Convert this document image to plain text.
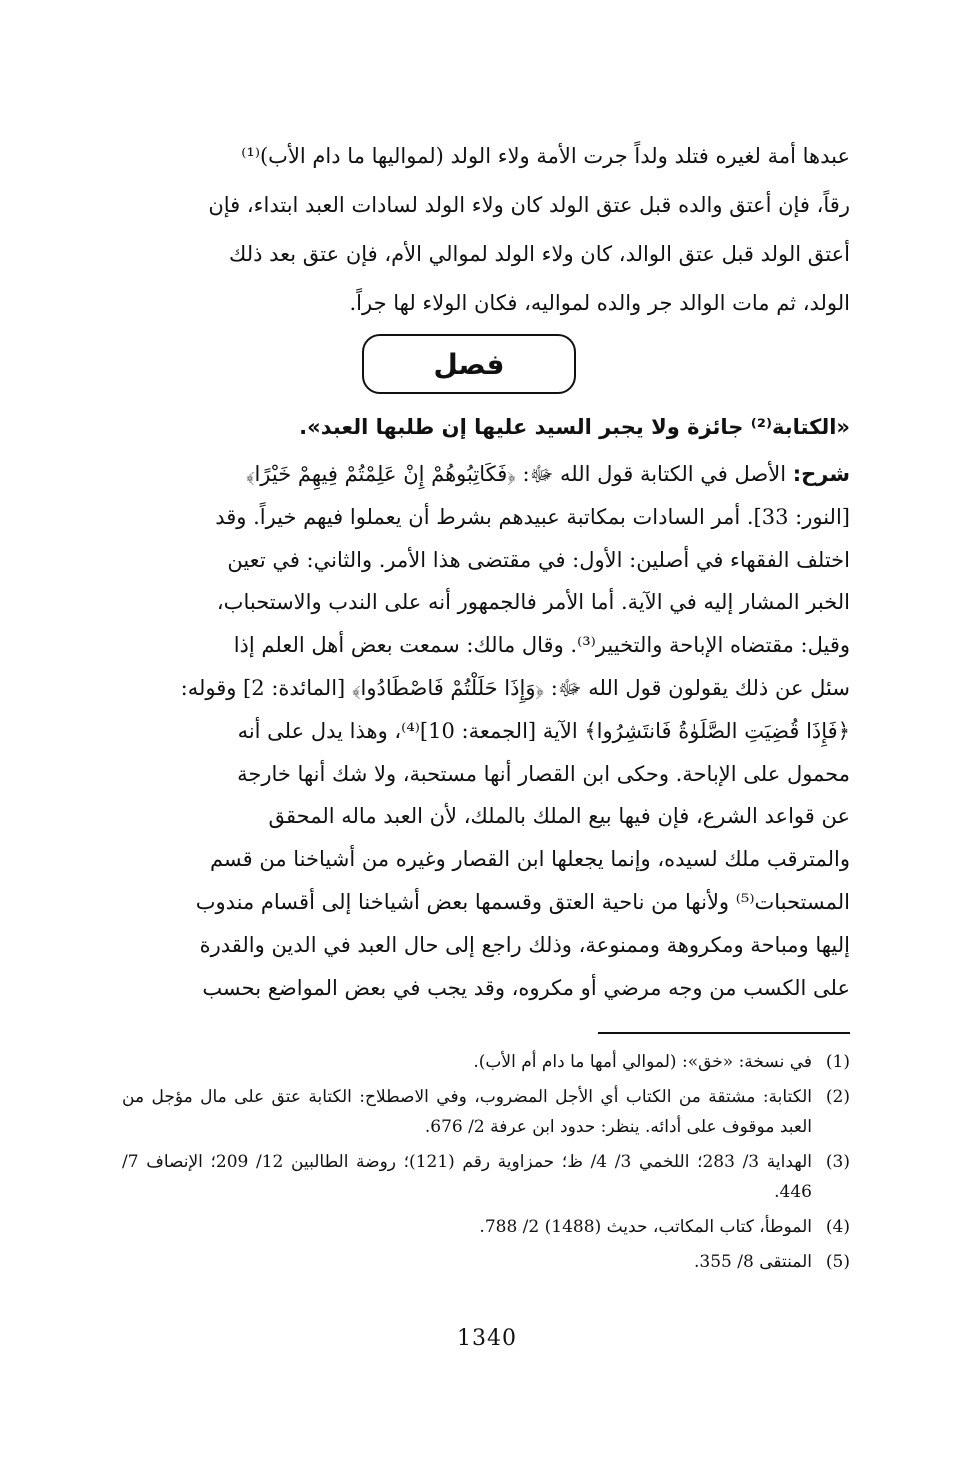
عبدها أمة لغيره فتلد ولداً جرت الأمة ولاء الولد (لمواليها ما دام الأب)⁽¹⁾
رقاً، فإن أعتق والده قبل عتق الولد كان ولاء الولد لسادات العبد ابتداء، فإن
أعتق الولد قبل عتق الوالد، كان ولاء الولد لموالي الأم، فإن عتق بعد ذلك
الولد، ثم مات الوالد جر والده لمواليه، فكان الولاء لها جراً.
فصل
«الكتابة⁽²⁾ جائزة ولا يجبر السيد عليها إن طلبها العبد».
شرح: الأصل في الكتابة قول الله ﷻ: ﴿فَكَاتِبُوهُمْ إِنْ عَلِمْتُمْ فِيهِمْ خَيْرًا﴾
[النور: 33]. أمر السادات بمكاتبة عبيدهم بشرط أن يعملوا فيهم خيراً. وقد
اختلف الفقهاء في أصلين: الأول: في مقتضى هذا الأمر. والثاني: في تعين
الخبر المشار إليه في الآية. أما الأمر فالجمهور أنه على الندب والاستحباب،
وقيل: مقتضاه الإباحة والتخيير⁽³⁾. وقال مالك: سمعت بعض أهل العلم إذا
سئل عن ذلك يقولون قول الله ﷻ: ﴿وَإِذَا حَلَلْتُمْ فَاصْطَادُوا﴾ [المائدة: 2] وقوله:
﴿فَإِذَا قُضِيَتِ الصَّلَوٰةُ فَانتَشِرُوا﴾ الآية [الجمعة: 10]⁽⁴⁾، وهذا يدل على أنه
محمول على الإباحة. وحكى ابن القصار أنها مستحبة، ولا شك أنها خارجة
عن قواعد الشرع، فإن فيها بيع الملك بالملك، لأن العبد ماله المحقق
والمترقب ملك لسيده، وإنما يجعلها ابن القصار وغيره من أشياخنا من قسم
المستحبات⁽⁵⁾ ولأنها من ناحية العتق وقسمها بعض أشياخنا إلى أقسام مندوب
إليها ومباحة ومكروهة وممنوعة، وذلك راجع إلى حال العبد في الدين والقدرة
على الكسب من وجه مرضي أو مكروه، وقد يجب في بعض المواضع بحسب
(1)
في نسخة: «خق»: (لموالي أمها ما دام أم الأب).
(2)
الكتابة: مشتقة من الكتاب أي الأجل المضروب، وفي الاصطلاح: الكتابة عتق على مال مؤجل من العبد موقوف على أدائه. ينظر: حدود ابن عرفة 2/ 676.
(3)
الهداية 3/ 283؛ اللخمي 3/ 4/ ظ؛ حمزاوية رقم (121)؛ روضة الطالبين 12/ 209؛ الإنصاف 7/ 446.
(4)
الموطأ، كتاب المكاتب، حديث (1488) 2/ 788.
(5)
المنتقى 8/ 355.
1340
